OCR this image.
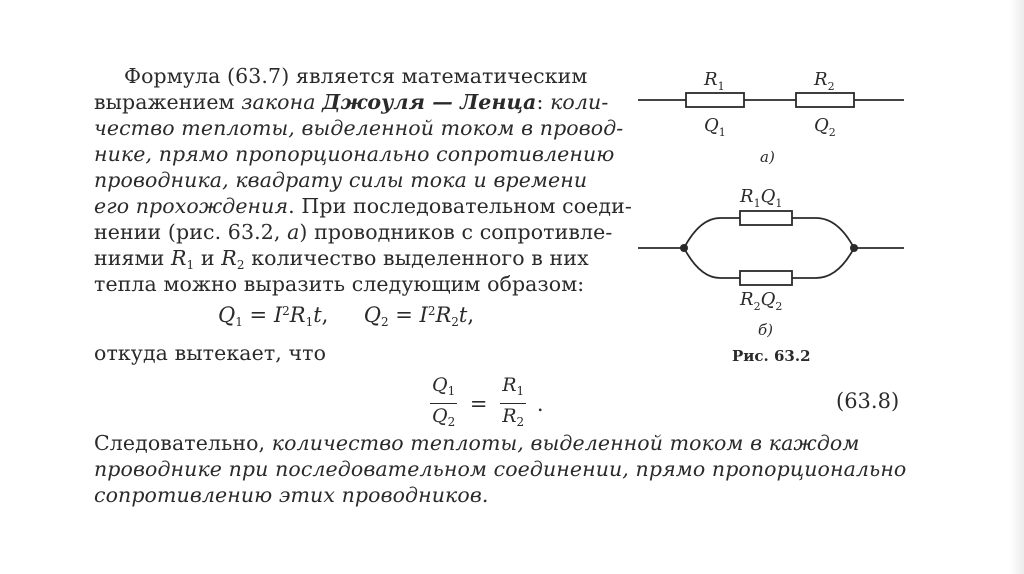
Формула (63.7) является математическим
выражением закона Джоуля — Ленца: коли-
чество теплоты, выделенной током в провод-
нике, прямо пропорционально сопротивлению
проводника, квадрату силы тока и времени
его прохождения. При последовательном соеди-
нении (рис. 63.2, а) проводников с сопротивле-
ниями $R_1$ и $R_2$ количество выделенного в них
тепла можно выразить следующим образом:
$Q_1 = I^2R_1t$, $Q_2 = I^2R_2t$,
откуда вытекает, что
$\frac{Q_1}{Q_2} = \frac{R_1}{R_2}$ .	(63.8)
Следовательно, количество теплоты, выделенной током в каждом
проводнике при последовательном соединении, прямо пропорционально
сопротивлению этих проводников.
$R_1$	$R_2$
$Q_1$	$Q_2$
а)
$R_1Q_1$
$R_2Q_2$
б)
Рис. 63.2
